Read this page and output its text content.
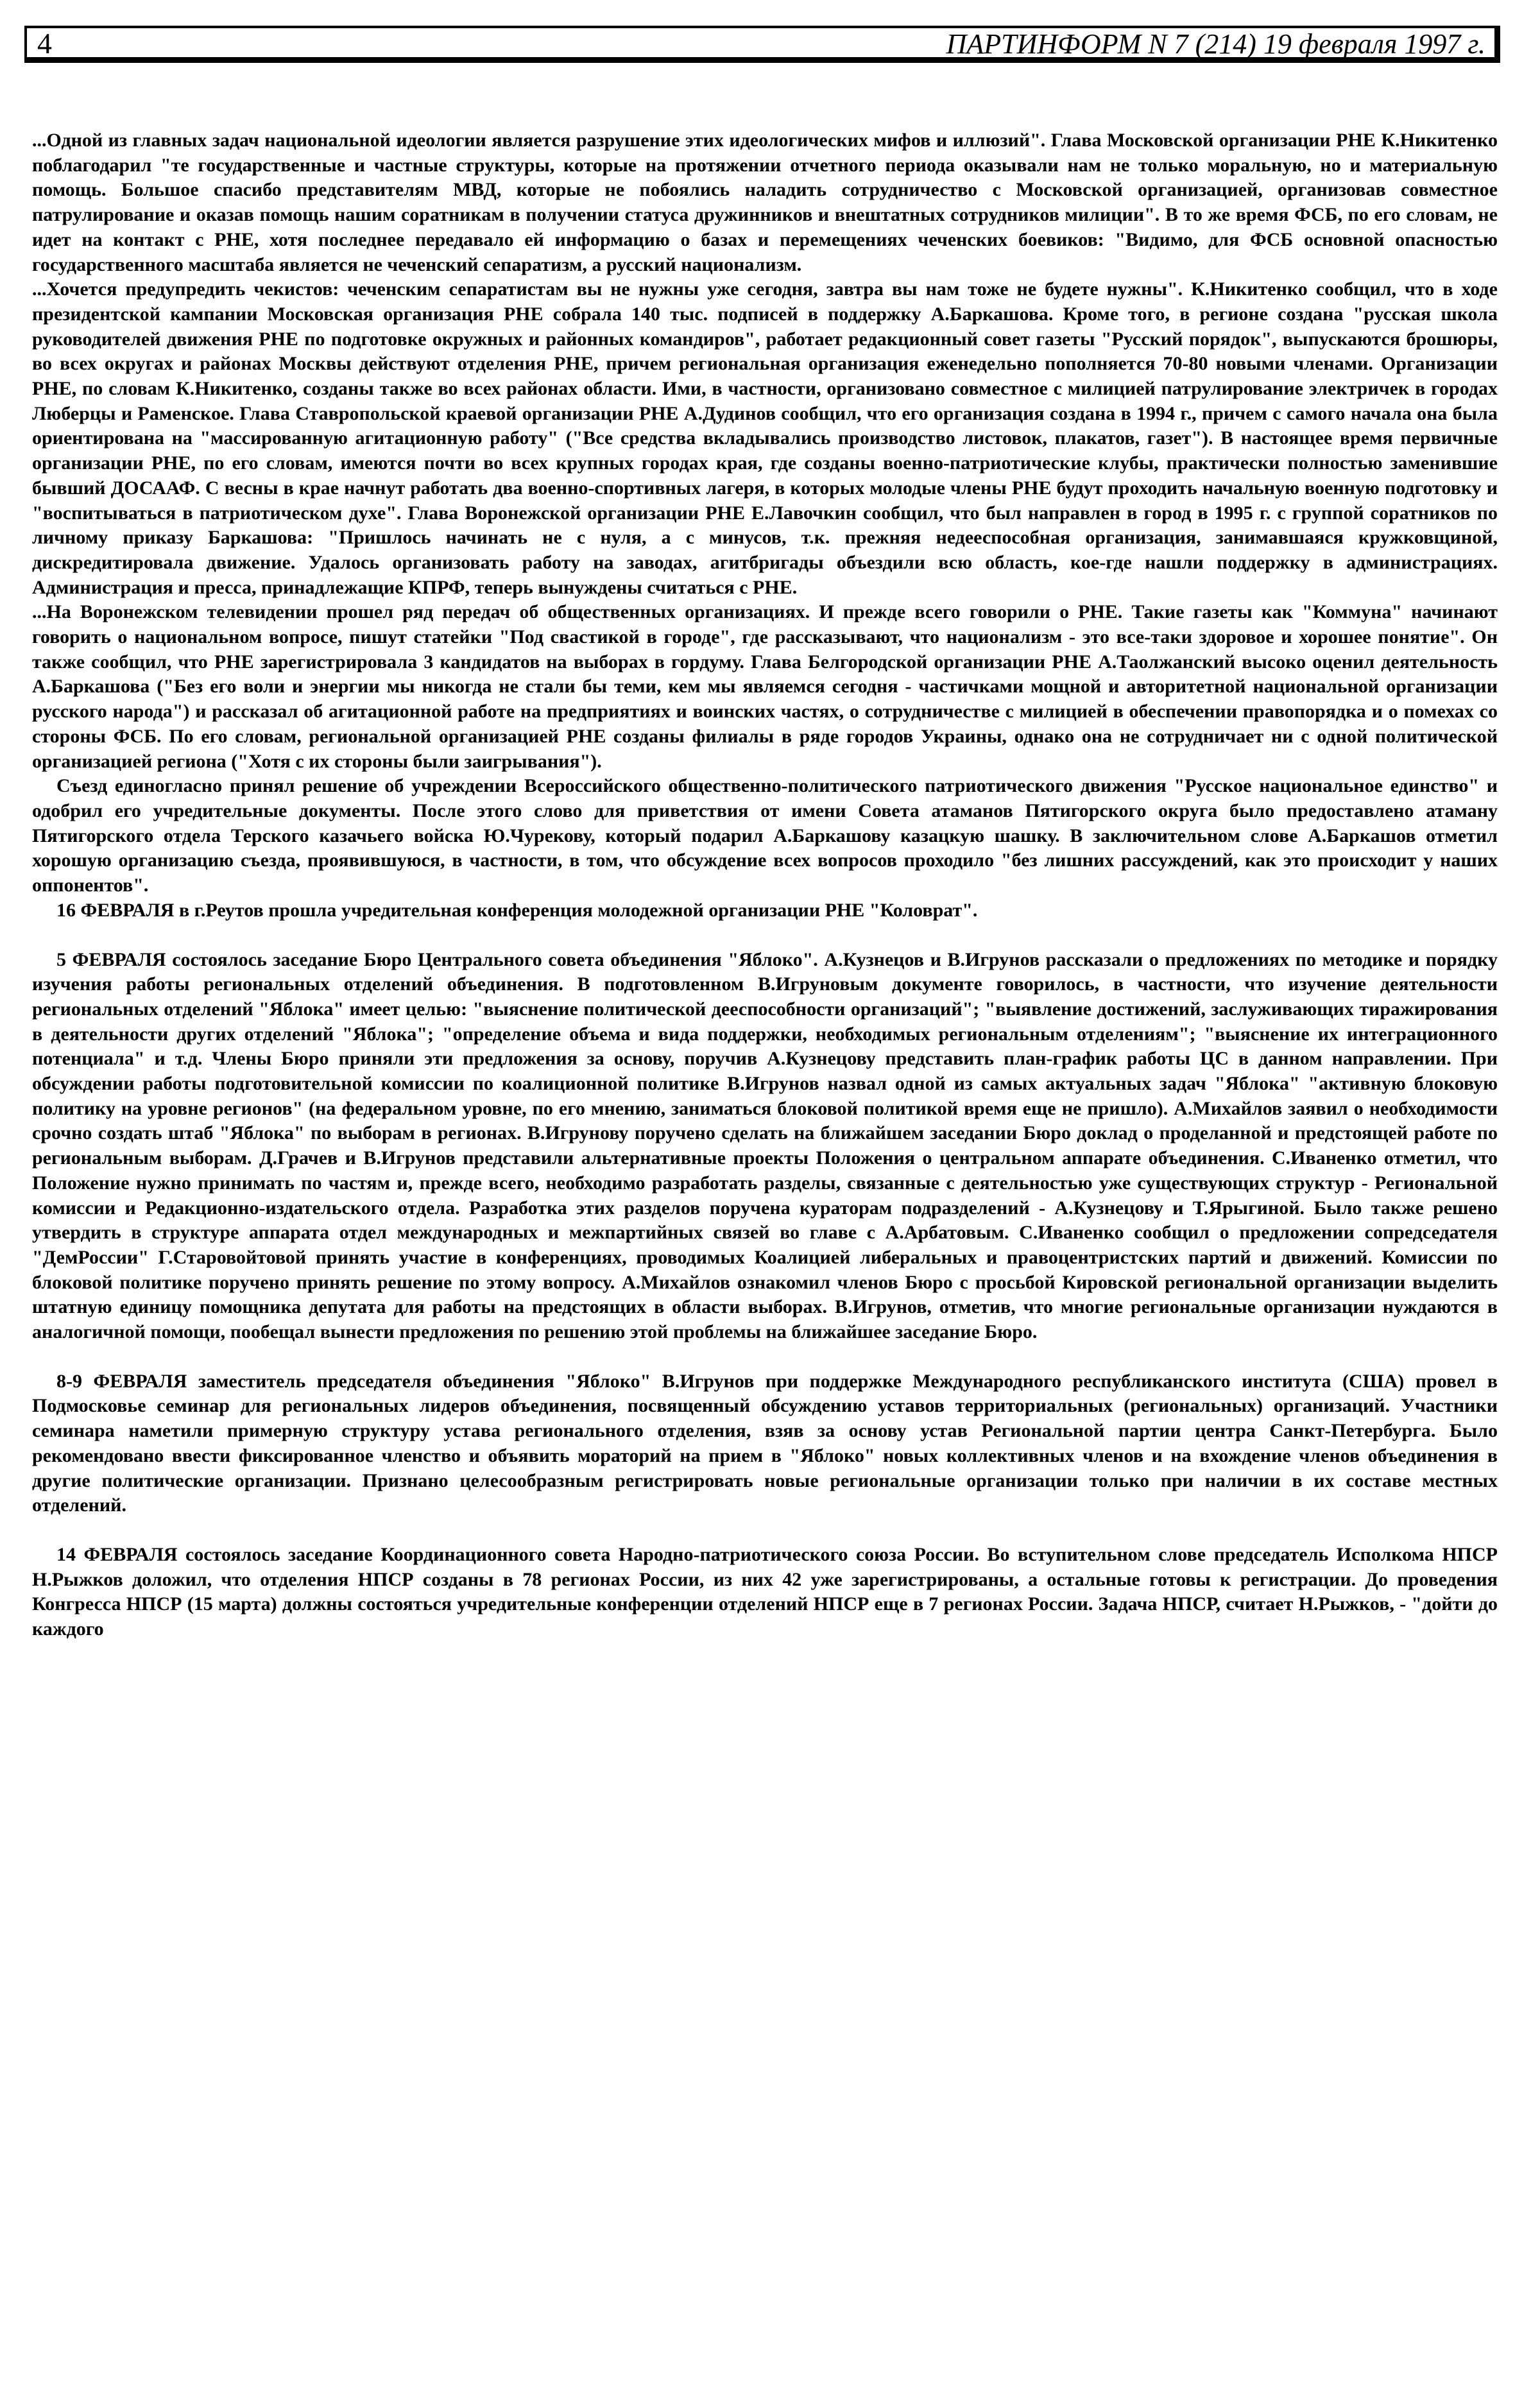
4	ПАРТИНФОРМ N 7 (214) 19 февраля 1997 г.

...Одной из главных задач национальной идеологии является разрушение этих идеологических мифов и иллюзий". Глава Московской организации РНЕ К.Никитенко поблагодарил "те государственные и частные структуры, которые на протяжении отчетного периода оказывали нам не только моральную, но и материальную помощь. Большое спасибо представителям МВД, которые не побоялись наладить сотрудничество с Московской организацией, организовав совместное патрулирование и оказав помощь нашим соратникам в получении статуса дружинников и внештатных сотрудников милиции". В то же время ФСБ, по его словам, не идет на контакт с РНЕ, хотя последнее передавало ей информацию о базах и перемещениях чеченских боевиков: "Видимо, для ФСБ основной опасностью государственного масштаба является не чеченский сепаратизм, а русский национализм.

...Хочется предупредить чекистов: чеченским сепаратистам вы не нужны уже сегодня, завтра вы нам тоже не будете нужны". К.Никитенко сообщил, что в ходе президентской кампании Московская организация РНЕ собрала 140 тыс. подписей в поддержку А.Баркашова. Кроме того, в регионе создана "русская школа руководителей движения РНЕ по подготовке окружных и районных командиров", работает редакционный совет газеты "Русский порядок", выпускаются брошюры, во всех округах и районах Москвы действуют отделения РНЕ, причем региональная организация еженедельно пополняется 70-80 новыми членами. Организации РНЕ, по словам К.Никитенко, созданы также во всех районах области. Ими, в частности, организовано совместное с милицией патрулирование электричек в городах Люберцы и Раменское. Глава Ставропольской краевой организации РНЕ А.Дудинов сообщил, что его организация создана в 1994 г., причем с самого начала она была ориентирована на "массированную агитационную работу" ("Все средства вкладывались производство листовок, плакатов, газет"). В настоящее время первичные организации РНЕ, по его словам, имеются почти во всех крупных городах края, где созданы военно-патриотические клубы, практически полностью заменившие бывший ДОСААФ. С весны в крае начнут работать два военно-спортивных лагеря, в которых молодые члены РНЕ будут проходить начальную военную подготовку и "воспитываться в патриотическом духе". Глава Воронежской организации РНЕ Е.Лавочкин сообщил, что был направлен в город в 1995 г. с группой соратников по личному приказу Баркашова: "Пришлось начинать не с нуля, а с минусов, т.к. прежняя недееспособная организация, занимавшаяся кружковщиной, дискредитировала движение. Удалось организовать работу на заводах, агитбригады объездили всю область, кое-где нашли поддержку в администрациях. Администрация и пресса, принадлежащие КПРФ, теперь вынуждены считаться с РНЕ.

...На Воронежском телевидении прошел ряд передач об общественных организациях. И прежде всего говорили о РНЕ. Такие газеты как "Коммуна" начинают говорить о национальном вопросе, пишут статейки "Под свастикой в городе", где рассказывают, что национализм - это все-таки здоровое и хорошее понятие". Он также сообщил, что РНЕ зарегистрировала 3 кандидатов на выборах в гордуму. Глава Белгородской организации РНЕ А.Таолжанский высоко оценил деятельность А.Баркашова ("Без его воли и энергии мы никогда не стали бы теми, кем мы являемся сегодня - частичками мощной и авторитетной национальной организации русского народа") и рассказал об агитационной работе на предприятиях и воинских частях, о сотрудничестве с милицией в обеспечении правопорядка и о помехах со стороны ФСБ. По его словам, региональной организацией РНЕ созданы филиалы в ряде городов Украины, однако она не сотрудничает ни с одной политической организацией региона ("Хотя с их стороны были заигрывания").

Съезд единогласно принял решение об учреждении Всероссийского общественно-политического патриотического движения "Русское национальное единство" и одобрил его учредительные документы. После этого слово для приветствия от имени Совета атаманов Пятигорского округа было предоставлено атаману Пятигорского отдела Терского казачьего войска Ю.Чурекову, который подарил А.Баркашову казацкую шашку. В заключительном слове А.Баркашов отметил хорошую организацию съезда, проявившуюся, в частности, в том, что обсуждение всех вопросов проходило "без лишних рассуждений, как это происходит у наших оппонентов".

16 ФЕВРАЛЯ в г.Реутов прошла учредительная конференция молодежной организации РНЕ "Коловрат".

5 ФЕВРАЛЯ состоялось заседание Бюро Центрального совета объединения "Яблоко". А.Кузнецов и В.Игрунов рассказали о предложениях по методике и порядку изучения работы региональных отделений объединения. В подготовленном В.Игруновым документе говорилось, в частности, что изучение деятельности региональных отделений "Яблока" имеет целью: "выяснение политической дееспособности организаций"; "выявление достижений, заслуживающих тиражирования в деятельности других отделений "Яблока"; "определение объема и вида поддержки, необходимых региональным отделениям"; "выяснение их интеграционного потенциала" и т.д. Члены Бюро приняли эти предложения за основу, поручив А.Кузнецову представить план-график работы ЦС в данном направлении. При обсуждении работы подготовительной комиссии по коалиционной политике В.Игрунов назвал одной из самых актуальных задач "Яблока" "активную блоковую политику на уровне регионов" (на федеральном уровне, по его мнению, заниматься блоковой политикой время еще не пришло). А.Михайлов заявил о необходимости срочно создать штаб "Яблока" по выборам в регионах. В.Игрунову поручено сделать на ближайшем заседании Бюро доклад о проделанной и предстоящей работе по региональным выборам. Д.Грачев и В.Игрунов представили альтернативные проекты Положения о центральном аппарате объединения. С.Иваненко отметил, что Положение нужно принимать по частям и, прежде всего, необходимо разработать разделы, связанные с деятельностью уже существующих структур - Региональной комиссии и Редакционно-издательского отдела. Разработка этих разделов поручена кураторам подразделений - А.Кузнецову и Т.Ярыгиной. Было также решено утвердить в структуре аппарата отдел международных и межпартийных связей во главе с А.Арбатовым. С.Иваненко сообщил о предложении сопредседателя "ДемРоссии" Г.Старовойтовой принять участие в конференциях, проводимых Коалицией либеральных и правоцентристских партий и движений. Комиссии по блоковой политике поручено принять решение по этому вопросу. А.Михайлов ознакомил членов Бюро с просьбой Кировской региональной организации выделить штатную единицу помощника депутата для работы на предстоящих в области выборах. В.Игрунов, отметив, что многие региональные организации нуждаются в аналогичной помощи, пообещал вынести предложения по решению этой проблемы на ближайшее заседание Бюро.

8-9 ФЕВРАЛЯ заместитель председателя объединения "Яблоко" В.Игрунов при поддержке Международного республиканского института (США) провел в Подмосковье семинар для региональных лидеров объединения, посвященный обсуждению уставов территориальных (региональных) организаций. Участники семинара наметили примерную структуру устава регионального отделения, взяв за основу устав Региональной партии центра Санкт-Петербурга. Было рекомендовано ввести фиксированное членство и объявить мораторий на прием в "Яблоко" новых коллективных членов и на вхождение членов объединения в другие политические организации. Признано целесообразным регистрировать новые региональные организации только при наличии в их составе местных отделений.

14 ФЕВРАЛЯ состоялось заседание Координационного совета Народно-патриотического союза России. Во вступительном слове председатель Исполкома НПСР Н.Рыжков доложил, что отделения НПСР созданы в 78 регионах России, из них 42 уже зарегистрированы, а остальные готовы к регистрации. До проведения Конгресса НПСР (15 марта) должны состояться учредительные конференции отделений НПСР еще в 7 регионах России. Задача НПСР, считает Н.Рыжков, - "дойти до каждого
